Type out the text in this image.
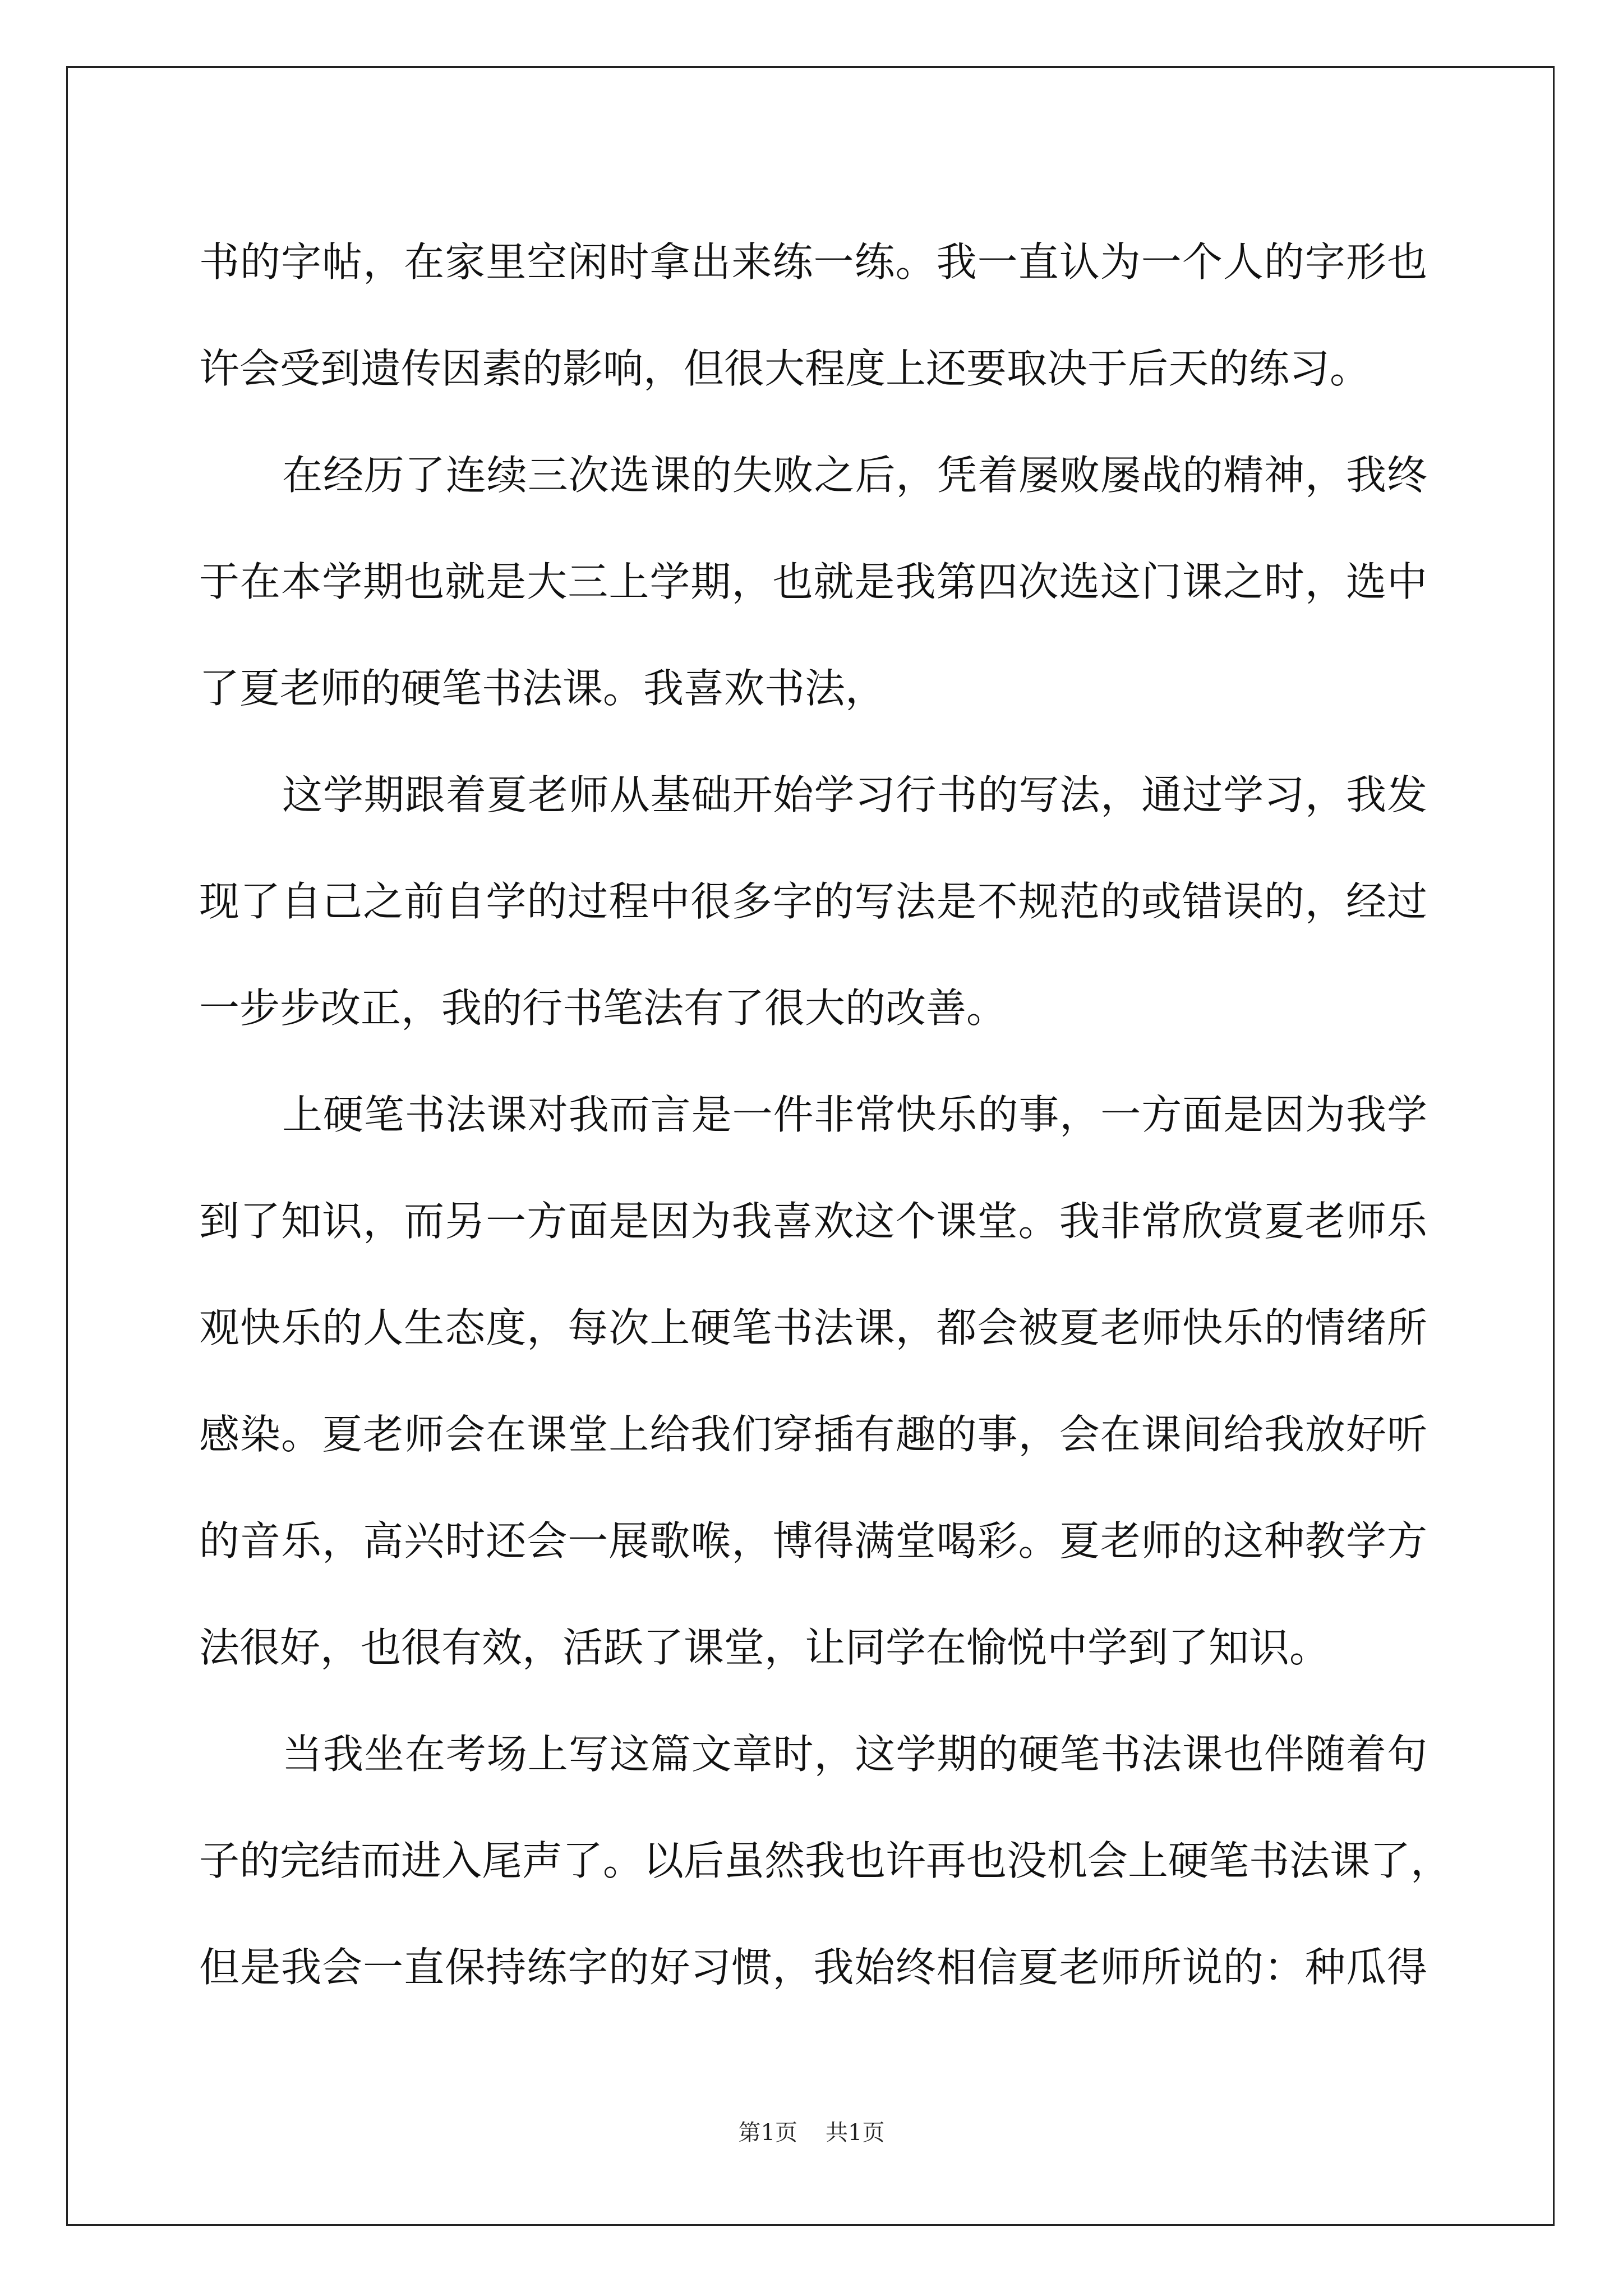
书的字帖，在家里空闲时拿出来练一练。我一直认为一个人的字形也
许会受到遗传因素的影响，但很大程度上还要取决于后天的练习。
在经历了连续三次选课的失败之后，凭着屡败屡战的精神，我终
于在本学期也就是大三上学期，也就是我第四次选这门课之时，选中
了夏老师的硬笔书法课。我喜欢书法，
这学期跟着夏老师从基础开始学习行书的写法，通过学习，我发
现了自己之前自学的过程中很多字的写法是不规范的或错误的，经过
一步步改正，我的行书笔法有了很大的改善。
上硬笔书法课对我而言是一件非常快乐的事，一方面是因为我学
到了知识，而另一方面是因为我喜欢这个课堂。我非常欣赏夏老师乐
观快乐的人生态度，每次上硬笔书法课，都会被夏老师快乐的情绪所
感染。夏老师会在课堂上给我们穿插有趣的事，会在课间给我放好听
的音乐，高兴时还会一展歌喉，博得满堂喝彩。夏老师的这种教学方
法很好，也很有效，活跃了课堂，让同学在愉悦中学到了知识。
当我坐在考场上写这篇文章时，这学期的硬笔书法课也伴随着句
子的完结而进入尾声了。以后虽然我也许再也没机会上硬笔书法课了，
但是我会一直保持练字的好习惯，我始终相信夏老师所说的：种瓜得
第1页 共1页
